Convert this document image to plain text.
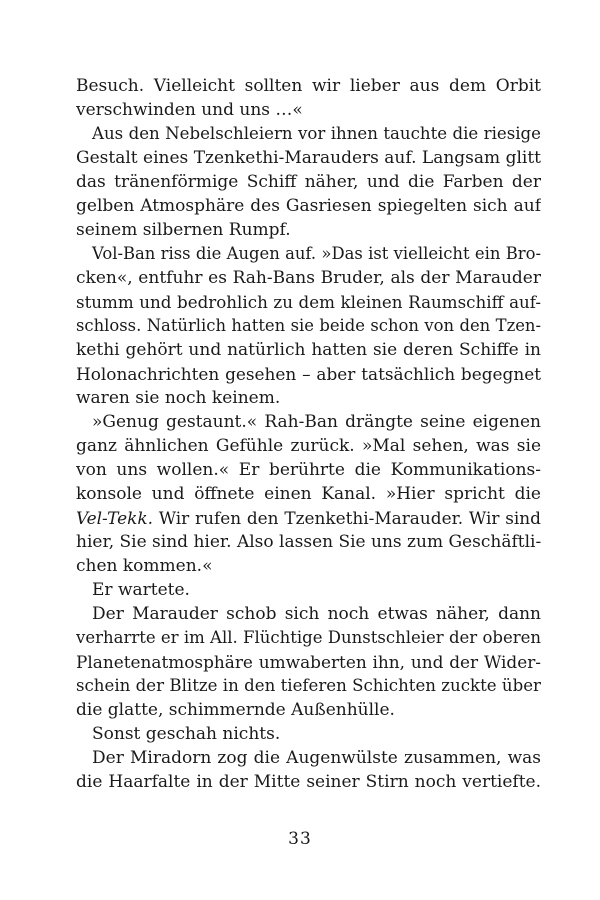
Besuch. Vielleicht sollten wir lieber aus dem Orbit
verschwinden und uns …«
Aus den Nebelschleiern vor ihnen tauchte die riesige
Gestalt eines Tzenkethi-Marauders auf. Langsam glitt
das tränenförmige Schiff näher, und die Farben der
gelben Atmosphäre des Gasriesen spiegelten sich auf
seinem silbernen Rumpf.
Vol-Ban riss die Augen auf. »Das ist vielleicht ein Bro-
cken«, entfuhr es Rah-Bans Bruder, als der Marauder
stumm und bedrohlich zu dem kleinen Raumschiff auf-
schloss. Natürlich hatten sie beide schon von den Tzen-
kethi gehört und natürlich hatten sie deren Schiffe in
Holonachrichten gesehen – aber tatsächlich begegnet
waren sie noch keinem.
»Genug gestaunt.« Rah-Ban drängte seine eigenen
ganz ähnlichen Gefühle zurück. »Mal sehen, was sie
von uns wollen.« Er berührte die Kommunikations-
konsole und öffnete einen Kanal. »Hier spricht die
Vel-Tekk. Wir rufen den Tzenkethi-Marauder. Wir sind
hier, Sie sind hier. Also lassen Sie uns zum Geschäftli-
chen kommen.«
Er wartete.
Der Marauder schob sich noch etwas näher, dann
verharrte er im All. Flüchtige Dunstschleier der oberen
Planetenatmosphäre umwaberten ihn, und der Wider-
schein der Blitze in den tieferen Schichten zuckte über
die glatte, schimmernde Außenhülle.
Sonst geschah nichts.
Der Miradorn zog die Augenwülste zusammen, was
die Haarfalte in der Mitte seiner Stirn noch vertiefte.
33
